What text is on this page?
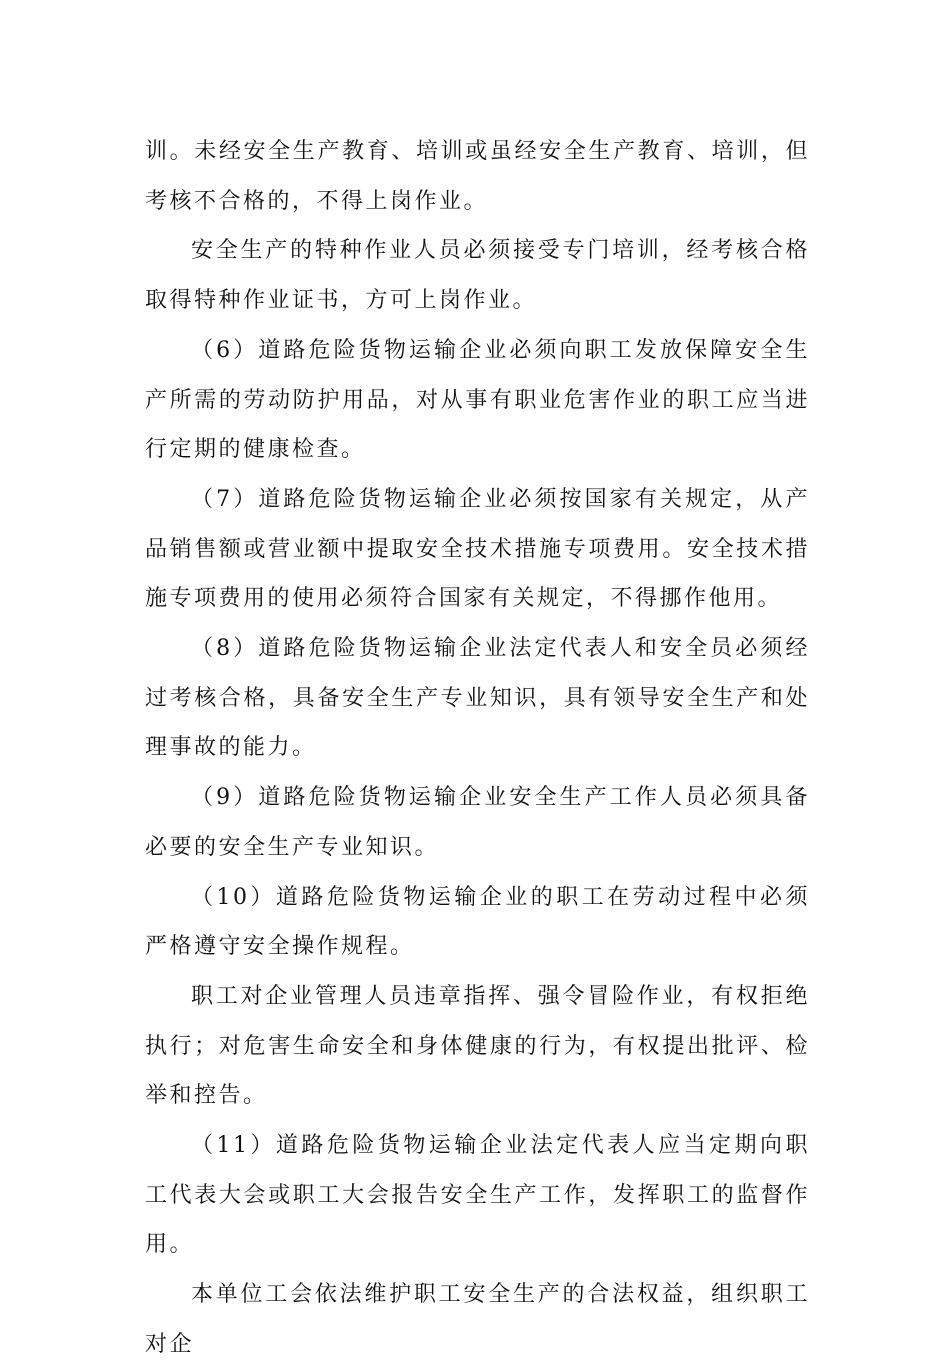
训。未经安全生产教育、培训或虽经安全生产教育、培训，但考核不合格的，不得上岗作业。

安全生产的特种作业人员必须接受专门培训，经考核合格取得特种作业证书，方可上岗作业。

（6）道路危险货物运输企业必须向职工发放保障安全生产所需的劳动防护用品，对从事有职业危害作业的职工应当进行定期的健康检查。

（7）道路危险货物运输企业必须按国家有关规定，从产品销售额或营业额中提取安全技术措施专项费用。安全技术措施专项费用的使用必须符合国家有关规定，不得挪作他用。

（8）道路危险货物运输企业法定代表人和安全员必须经过考核合格，具备安全生产专业知识，具有领导安全生产和处理事故的能力。

（9）道路危险货物运输企业安全生产工作人员必须具备必要的安全生产专业知识。

（10）道路危险货物运输企业的职工在劳动过程中必须严格遵守安全操作规程。

职工对企业管理人员违章指挥、强令冒险作业，有权拒绝执行；对危害生命安全和身体健康的行为，有权提出批评、检举和控告。

（11）道路危险货物运输企业法定代表人应当定期向职工代表大会或职工大会报告安全生产工作，发挥职工的监督作用。

本单位工会依法维护职工安全生产的合法权益，组织职工对企
